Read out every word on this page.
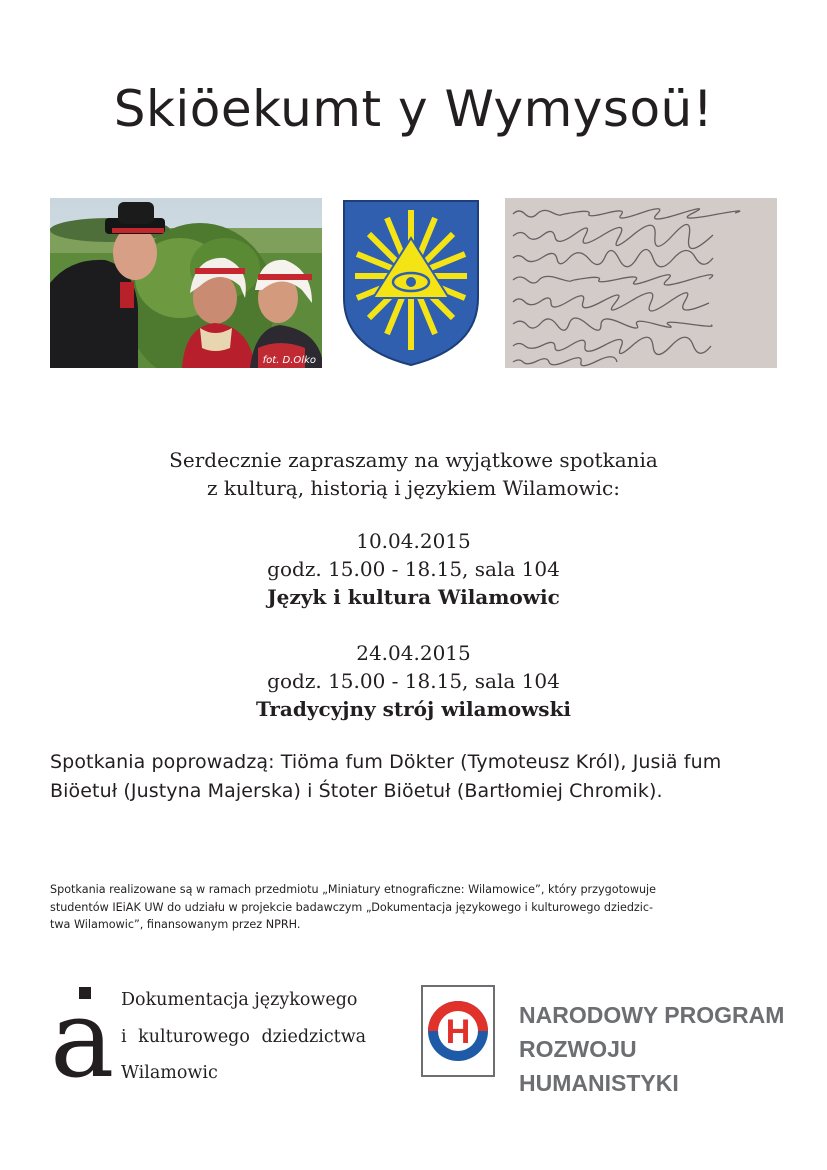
Skiöekumt y Wymysoü!
fot. D.Olko
Serdecznie zapraszamy na wyjątkowe spotkania
z kulturą, historią i językiem Wilamowic:
10.04.2015
godz. 15.00 - 18.15, sala 104
Język i kultura Wilamowic
24.04.2015
godz. 15.00 - 18.15, sala 104
Tradycyjny strój wilamowski
Spotkania poprowadzą: Tiöma fum Dökter (Tymoteusz Król), Jusiä fum
Biöetuł (Justyna Majerska) i Śtoter Biöetuł (Bartłomiej Chromik).
Spotkania realizowane są w ramach przedmiotu „Miniatury etnograficzne: Wilamowice”, który przygotowuje
studentów IEiAK UW do udziału w projekcie badawczym „Dokumentacja językowego i kulturowego dziedzic-
twa Wilamowic”, finansowanym przez NPRH.
a Dokumentacja językowego
i kulturowego dziedzictwa
Wilamowic
H NARODOWY PROGRAM
ROZWOJU HUMANISTYKI
